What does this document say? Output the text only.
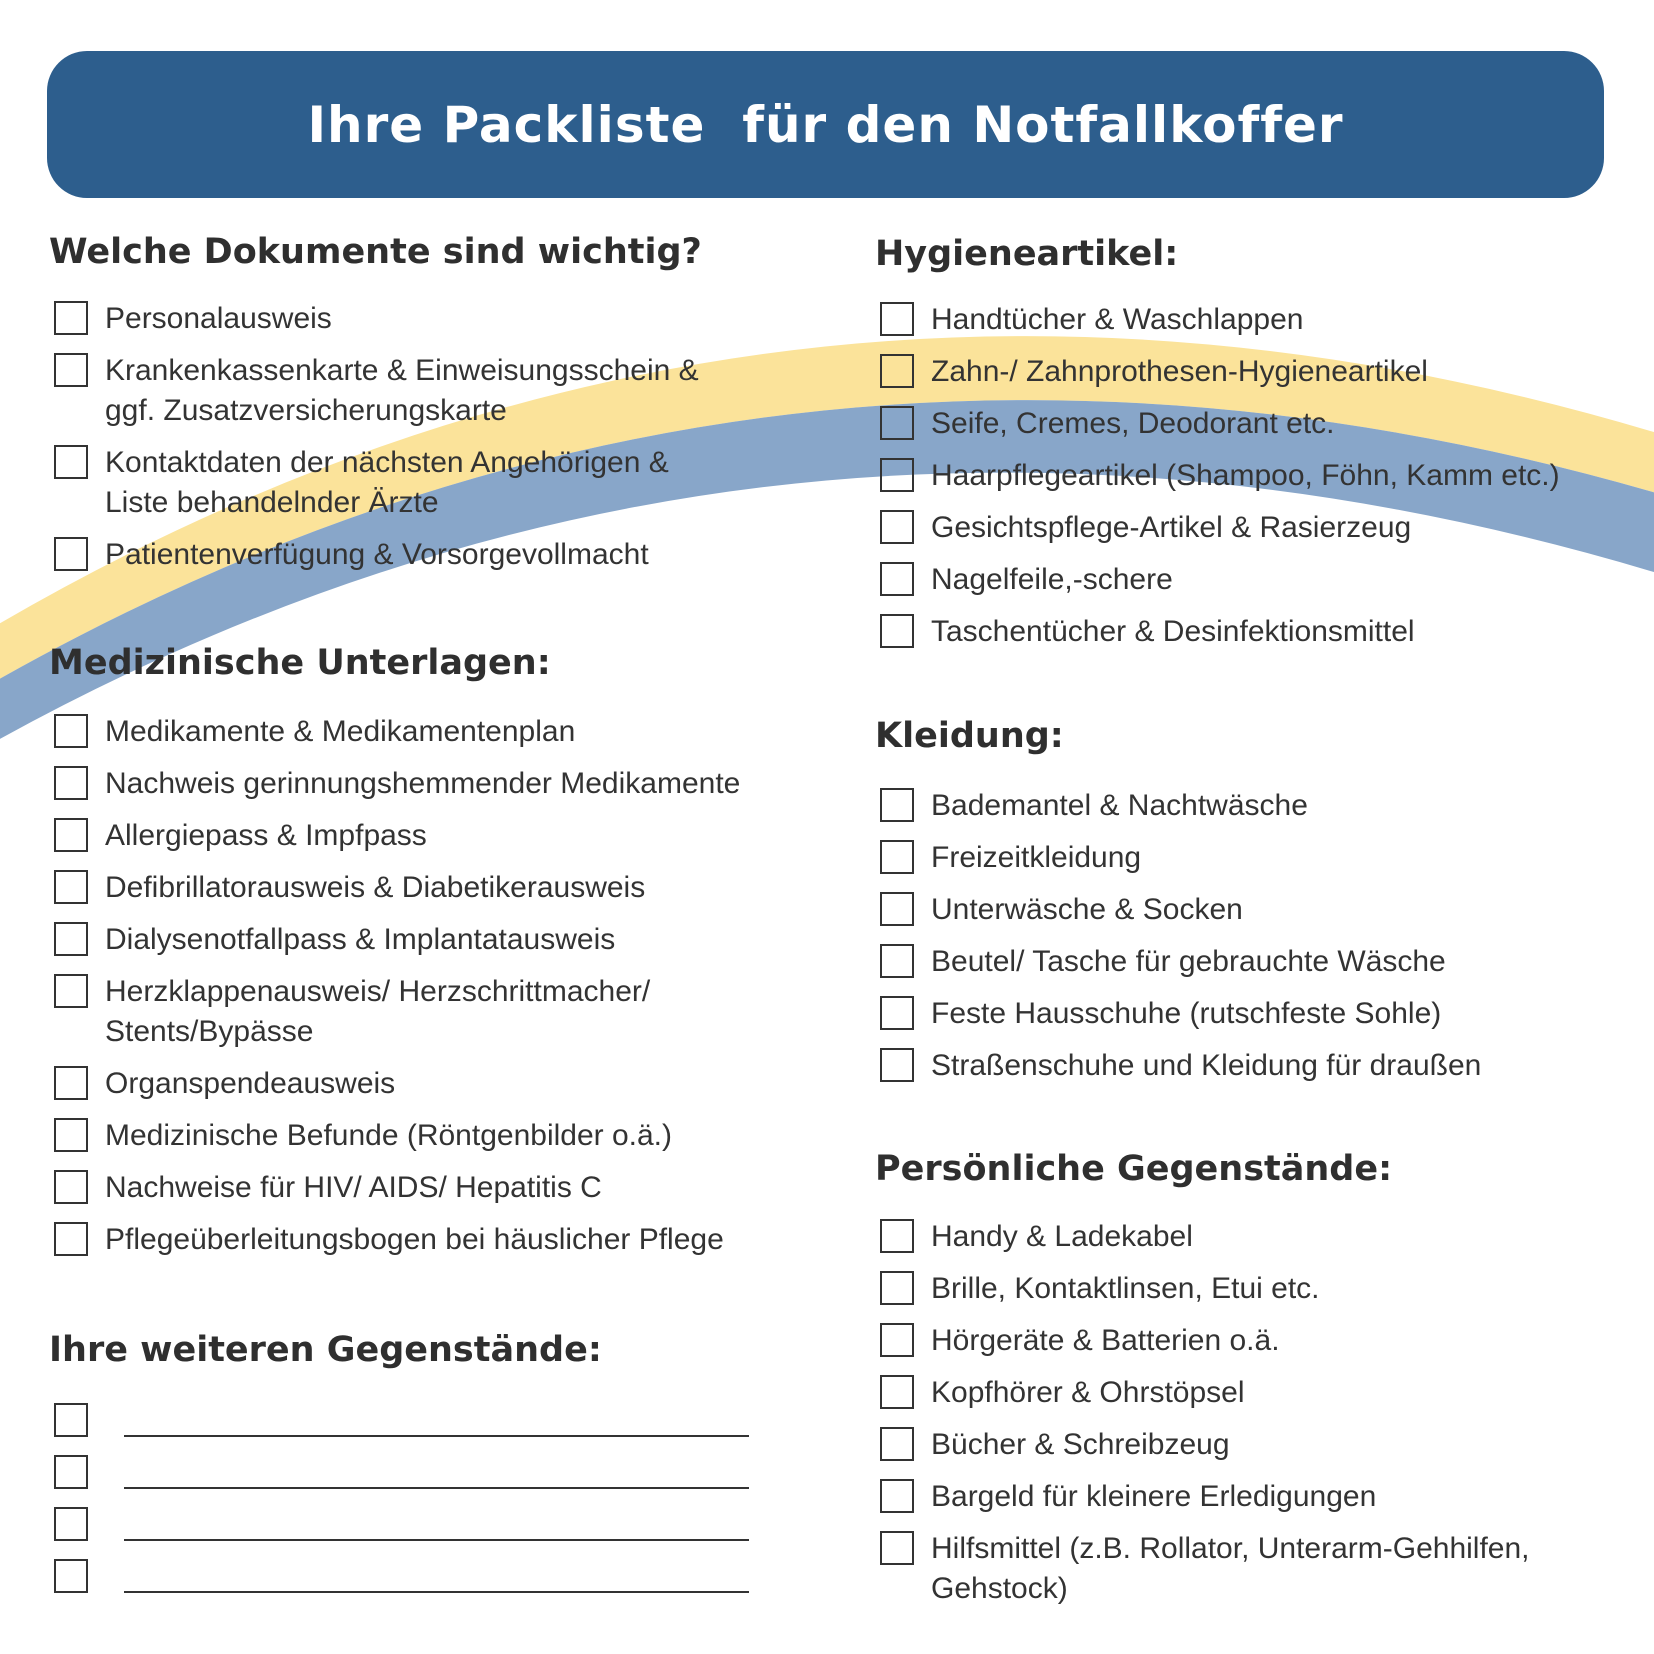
Ihre Packliste  für den Notfallkoffer
Welche Dokumente sind wichtig?
Personalausweis
Krankenkassenkarte & Einweisungsschein &
ggf. Zusatzversicherungskarte
Kontaktdaten der nächsten Angehörigen &
Liste behandelnder Ärzte
Patientenverfügung & Vorsorgevollmacht
Medizinische Unterlagen:
Medikamente & Medikamentenplan
Nachweis gerinnungshemmender Medikamente
Allergiepass & Impfpass
Defibrillatorausweis & Diabetikerausweis
Dialysenotfallpass & Implantatausweis
Herzklappenausweis/ Herzschrittmacher/
Stents/Bypässe
Organspendeausweis
Medizinische Befunde (Röntgenbilder o.ä.)
Nachweise für HIV/ AIDS/ Hepatitis C
Pflegeüberleitungsbogen bei häuslicher Pflege
Ihre weiteren Gegenstände:
Hygieneartikel:
Handtücher & Waschlappen
Zahn-/ Zahnprothesen-Hygieneartikel
Seife, Cremes, Deodorant etc.
Haarpflegeartikel (Shampoo, Föhn, Kamm etc.)
Gesichtspflege-Artikel & Rasierzeug
Nagelfeile,-schere
Taschentücher & Desinfektionsmittel
Kleidung:
Bademantel & Nachtwäsche
Freizeitkleidung
Unterwäsche & Socken
Beutel/ Tasche für gebrauchte Wäsche
Feste Hausschuhe (rutschfeste Sohle)
Straßenschuhe und Kleidung für draußen
Persönliche Gegenstände:
Handy & Ladekabel
Brille, Kontaktlinsen, Etui etc.
Hörgeräte & Batterien o.ä.
Kopfhörer & Ohrstöpsel
Bücher & Schreibzeug
Bargeld für kleinere Erledigungen
Hilfsmittel (z.B. Rollator, Unterarm-Gehhilfen,
Gehstock)
